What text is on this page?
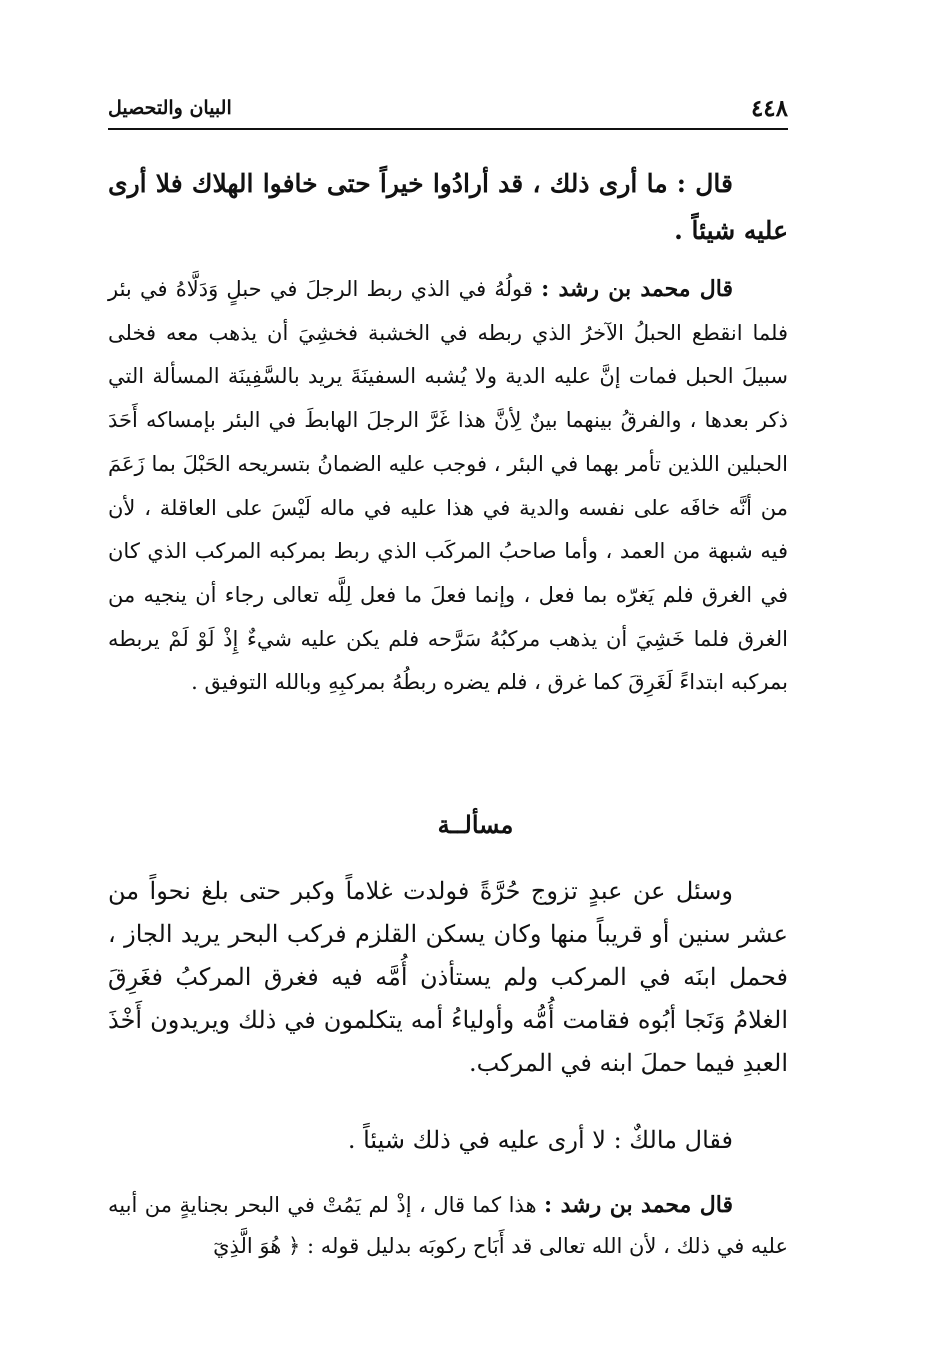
٤٤٨
البيان والتحصيل

قال : ما أرى ذلك ، قد أرادُوا خيراً حتى خافوا الهلاك فلا أرى عليه شيئاً .

قال محمد بن رشد : قولُهُ في الذي ربط الرجلَ في حبلٍ وَدَلَّاهُ في بئر فلما انقطع الحبلُ الآخرُ الذي ربطه في الخشبة فخشِيَ أن يذهب معه فخلى سبيلَ الحبل فمات إنَّ عليه الدية ولا يُشبه السفينَةَ يريد بالسَّفِينَة المسألة التي ذكر بعدها ، والفرقُ بينهما بينٌ لِأنَّ هذا غَرَّ الرجلَ الهابطَ في البئر بإمساكه أَحَدَ الحبلين اللذين تأمر بهما في البئر ، فوجب عليه الضمانُ بتسريحه الحَبْلَ بما زَعَمَ من أنَّه خافَه على نفسه والدية في هذا عليه في ماله لَيْسَ على العاقلة ، لأن فيه شبهة من العمد ، وأما صاحبُ المركَب الذي ربط بمركبه المركب الذي كان في الغرق فلم يَغرّه بما فعل ، وإنما فعلَ ما فعل لِلَّه تعالى رجاء أن ينجيه من الغرق فلما خَشِيَ أن يذهب مركبُهُ سَرَّحه فلم يكن عليه شيءٌ إِذْ لَوْ لَمْ يربطه بمركبه ابتداءً لَغَرِقَ كما غرق ، فلم يضره ربطُهُ بمركبِهِ وبالله التوفيق .

مسألــة

وسئل عن عبدٍ تزوج حُرَّةً فولدت غلاماً وكبر حتى بلغ نحواً من عشر سنين أو قريباً منها وكان يسكن القلزم فركب البحر يريد الجاز ، فحمل ابنَه في المركب ولم يستأذن أُمَّه فيه فغرق المركبُ فغَرِقَ الغلامُ وَنَجا أبُوه فقامت أُمُّه وأولياءُ أمه يتكلمون في ذلك ويريدون أَخْذَ العبدِ فيما حملَ ابنه في المركب.

فقال مالكٌ : لا أرى عليه في ذلك شيئاً .

قال محمد بن رشد : هذا كما قال ، إذْ لم يَمُتْ في البحر بجنايةٍ من أبيه عليه في ذلك ، لأن الله تعالى قد أَبَاح ركوبَه بدليل قوله : ﴿ هُوَ الَّذِيٓ
